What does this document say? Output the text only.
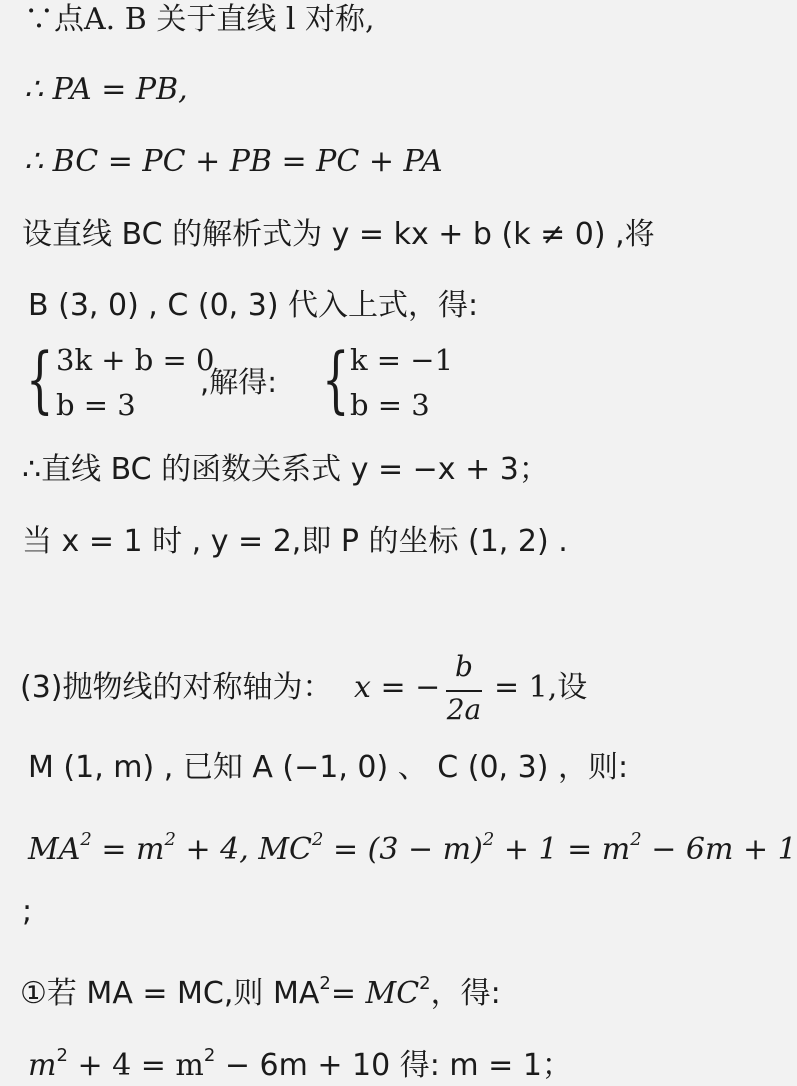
∵点A. B 关于直线 l 对称,
∴ PA = PB,
∴ BC = PC + PB = PC + PA
设直线 BC 的解析式为 y = kx + b (k ≠ 0) ,将
B (3, 0) , C (0, 3) 代入上式，得:
{ 3k + b = 0
b = 3
,解得: { k = −1
b = 3
∴直线 BC 的函数关系式 y = −x + 3；
当 x = 1 时 , y = 2,即 P 的坐标 (1, 2) .
(3)抛物线的对称轴为： x = −
b
2a
= 1,设
M (1, m) , 已知 A (−1, 0) 、 C (0, 3) ，则:
$MA^2 = m^2 + 4$, $MC^2 = (3 - m)^2 + 1 = m^2 - 6m + 1$
;
①若 MA = MC,则 $MA^2= MC^2$，得:
$m^2 + 4 = m^2 - 6m + 10$ 得: m = 1；
